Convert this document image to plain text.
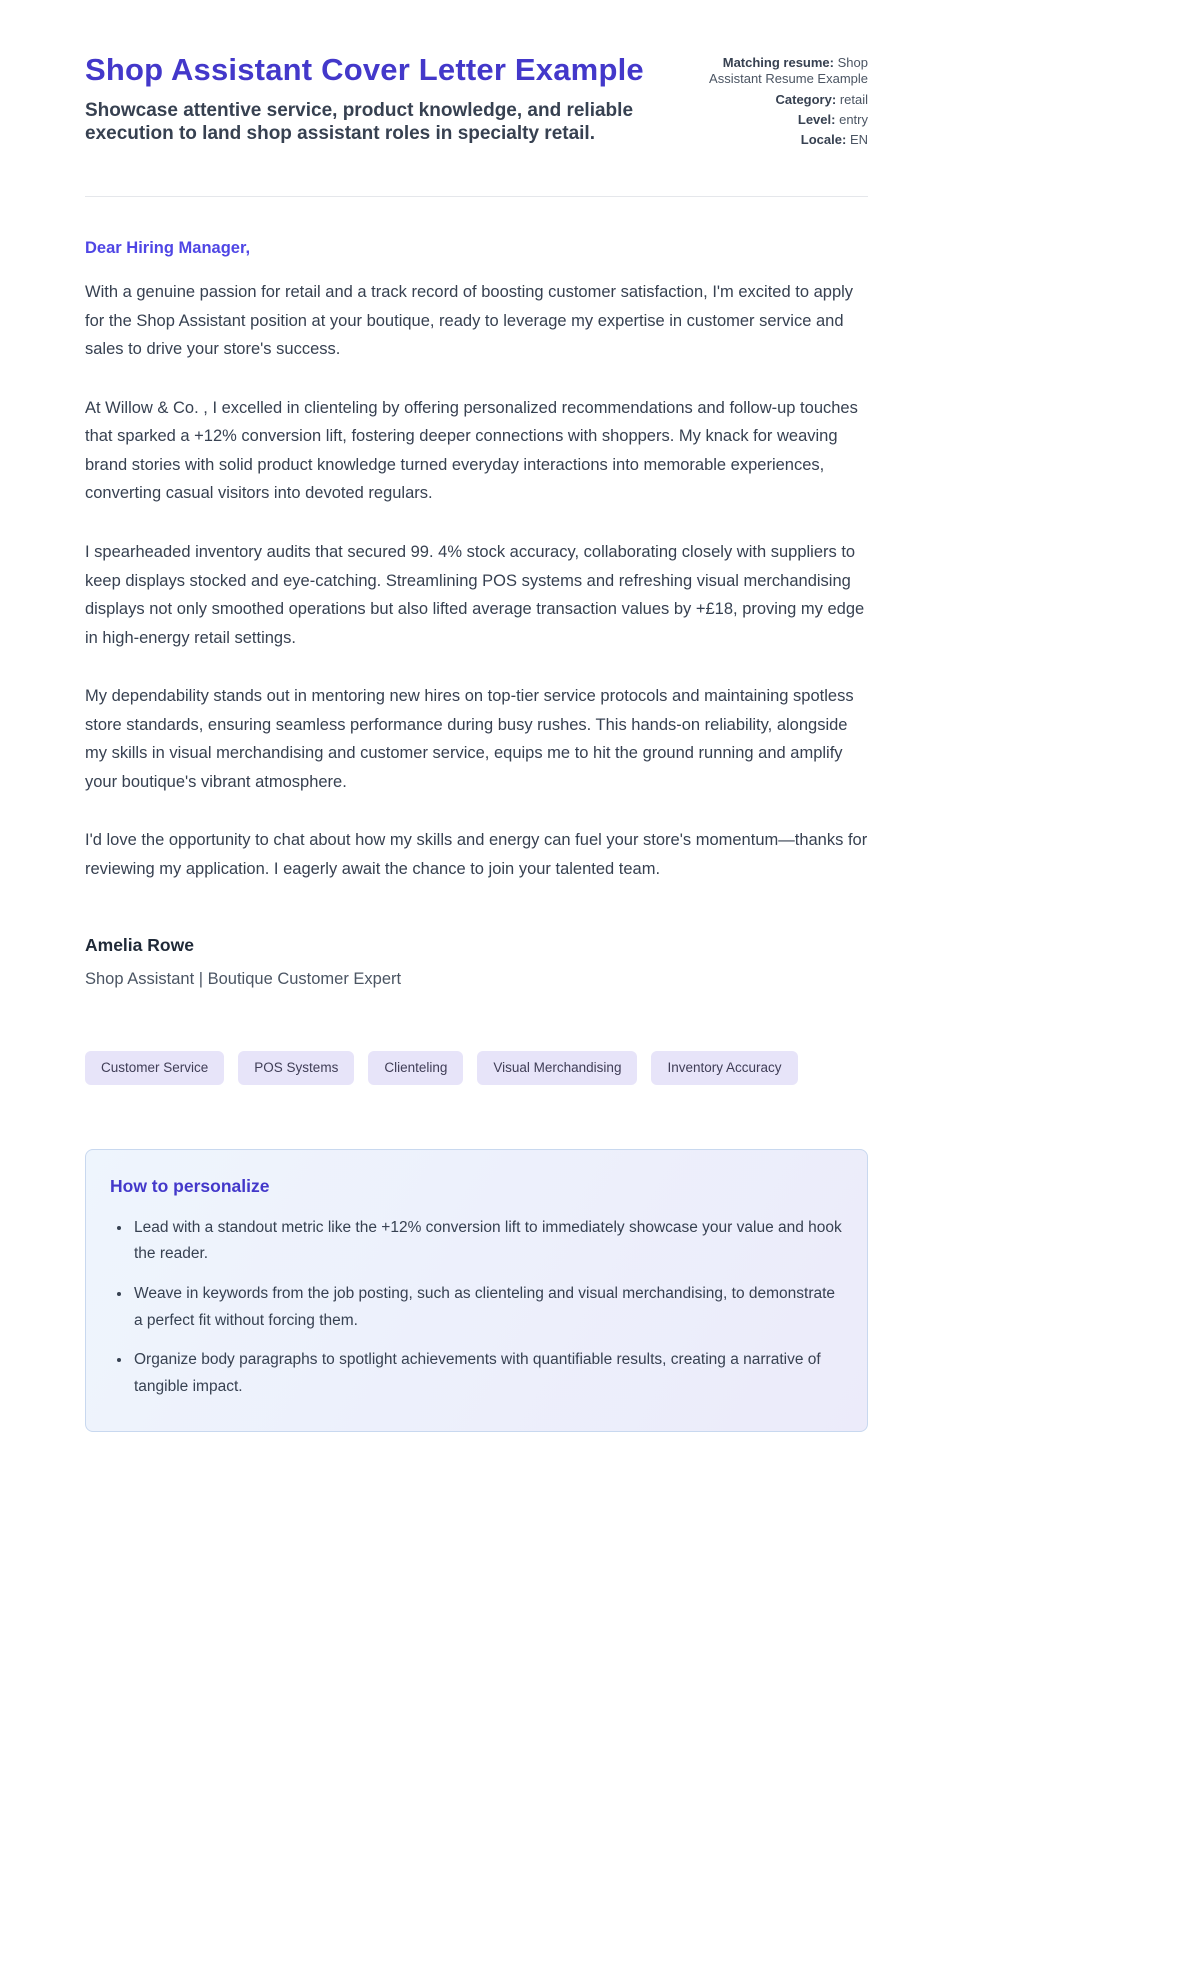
Shop Assistant Cover Letter Example

Showcase attentive service, product knowledge, and reliable execution to land shop assistant roles in specialty retail.

Matching resume: Shop Assistant Resume Example
Category: retail
Level: entry
Locale: EN

Dear Hiring Manager,

With a genuine passion for retail and a track record of boosting customer satisfaction, I'm excited to apply for the Shop Assistant position at your boutique, ready to leverage my expertise in customer service and sales to drive your store's success.

At Willow & Co. , I excelled in clienteling by offering personalized recommendations and follow-up touches that sparked a +12% conversion lift, fostering deeper connections with shoppers. My knack for weaving brand stories with solid product knowledge turned everyday interactions into memorable experiences, converting casual visitors into devoted regulars.

I spearheaded inventory audits that secured 99. 4% stock accuracy, collaborating closely with suppliers to keep displays stocked and eye-catching. Streamlining POS systems and refreshing visual merchandising displays not only smoothed operations but also lifted average transaction values by +£18, proving my edge in high-energy retail settings.

My dependability stands out in mentoring new hires on top-tier service protocols and maintaining spotless store standards, ensuring seamless performance during busy rushes. This hands-on reliability, alongside my skills in visual merchandising and customer service, equips me to hit the ground running and amplify your boutique's vibrant atmosphere.

I'd love the opportunity to chat about how my skills and energy can fuel your store's momentum—thanks for reviewing my application. I eagerly await the chance to join your talented team.

Amelia Rowe

Shop Assistant | Boutique Customer Expert

Customer Service	POS Systems	Clienteling	Visual Merchandising	Inventory Accuracy
How to personalize
• Lead with a standout metric like the +12% conversion lift to immediately showcase your value and hook the reader.
• Weave in keywords from the job posting, such as clienteling and visual merchandising, to demonstrate a perfect fit without forcing them.
• Organize body paragraphs to spotlight achievements with quantifiable results, creating a narrative of tangible impact.
